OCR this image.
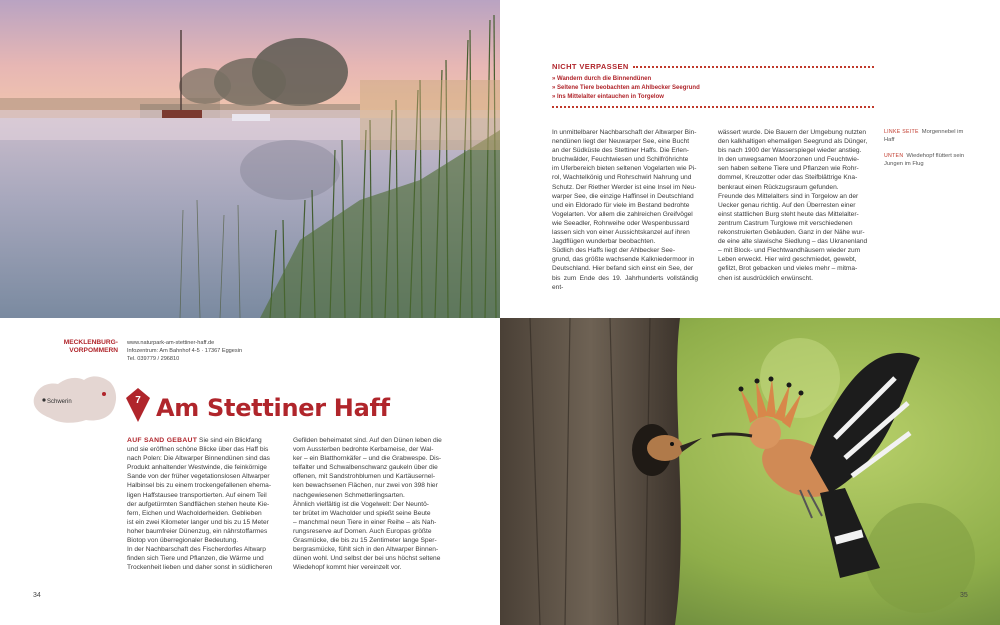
NICHT VERPASSEN
» Wandern durch die Binnendünen
» Seltene Tiere beobachten am Ahlbecker Seegrund
» Ins Mittelalter eintauchen in Torgelow
In unmittelbarer Nachbarschaft der Altwarper Bin-
nendünen liegt der Neuwarper See, eine Bucht
an der Südküste des Stettiner Haffs. Die Erlen-
bruchwälder, Feuchtwiesen und Schilfröhrichte
im Uferbereich bieten seltenen Vogelarten wie Pi-
rol, Wachtelkönig und Rohrschwirl Nahrung und
Schutz. Der Riether Werder ist eine Insel im Neu-
warper See, die einzige Haffinsel in Deutschland
und ein Eldorado für viele im Bestand bedrohte
Vogelarten. Vor allem die zahlreichen Greifvögel
wie Seeadler, Rohrweihe oder Wespenbussard
lassen sich von einer Aussichtskanzel auf ihren
Jagdflügen wunderbar beobachten.
Südlich des Haffs liegt der Ahlbecker See-
grund, das größte wachsende Kalkniedermoor in
Deutschland. Hier befand sich einst ein See, der
bis zum Ende des 19. Jahrhunderts vollständig ent-
wässert wurde. Die Bauern der Umgebung nutzten
den kalkhaltigen ehemaligen Seegrund als Dünger,
bis nach 1900 der Wasserspiegel wieder anstieg.
In den unwegsamen Moorzonen und Feuchtwie-
sen haben seltene Tiere und Pflanzen wie Rohr-
dommel, Kreuzotter oder das Steifblättrige Kna-
benkraut einen Rückzugsraum gefunden.
Freunde des Mittelalters sind in Torgelow an der
Uecker genau richtig. Auf den Überresten einer
einst stattlichen Burg steht heute das Mittelalter-
zentrum Castrum Turglowe mit verschiedenen
rekonstruierten Gebäuden. Ganz in der Nähe wur-
de eine alte slawische Siedlung – das Ukranenland
– mit Block- und Flechtwandhäusern wieder zum
Leben erweckt. Hier wird geschmiedet, gewebt,
gefilzt, Brot gebacken und vieles mehr – mitma-
chen ist ausdrücklich erwünscht.
LINKE SEITE Morgennebel im Haff
UNTEN Wiedehopf flüttert sein Jungen im Flug
MECKLENBURG-
VORPOMMERN
www.naturpark-am-stettiner-haff.de
Infozentrum: Am Bahnhof 4-5 · 17367 Eggesin
Tel. 039779 / 296810
Schwerin	7 Am Stettiner Haff
AUF SAND GEBAUT Sie sind ein Blickfang
und sie eröffnen schöne Blicke über das Haff bis
nach Polen: Die Altwarper Binnendünen sind das
Produkt anhaltender Westwinde, die feinkörnige
Sande von der früher vegetationslosen Altwarper
Halbinsel bis zu einem trockengefallenen ehema-
ligen Haffstausee transportierten. Auf einem Teil
der aufgetürmten Sandflächen stehen heute Kie-
fern, Eichen und Wacholderheiden. Geblieben
ist ein zwei Kilometer langer und bis zu 15 Meter
hoher baumfreier Dünenzug, ein nährstoffarmes
Biotop von überregionaler Bedeutung.
In der Nachbarschaft des Fischerdorfes Altwarp
finden sich Tiere und Pflanzen, die Wärme und
Trockenheit lieben und daher sonst in südlicheren
Gefilden beheimatet sind. Auf den Dünen leben die
vom Aussterben bedrohte Kerbameise, der Wal-
ker – ein Blatthornkäfer – und die Grabwespe. Dis-
telfalter und Schwalbenschwanz gaukeln über die
offenen, mit Sandstrohblumen und Kartäusernel-
ken bewachsenen Flächen, nur zwei von 398 hier
nachgewiesenen Schmetterlingsarten.
Ähnlich vielfältig ist die Vogelwelt: Der Neuntö-
ter brütet im Wacholder und spießt seine Beute
– manchmal neun Tiere in einer Reihe – als Nah-
rungsreserve auf Dornen. Auch Europas größte
Grasmücke, die bis zu 15 Zentimeter lange Sper-
bergrasmücke, fühlt sich in den Altwarper Binnen-
dünen wohl. Und selbst der bei uns höchst seltene
Wiedehopf kommt hier vereinzelt vor.
34	35
